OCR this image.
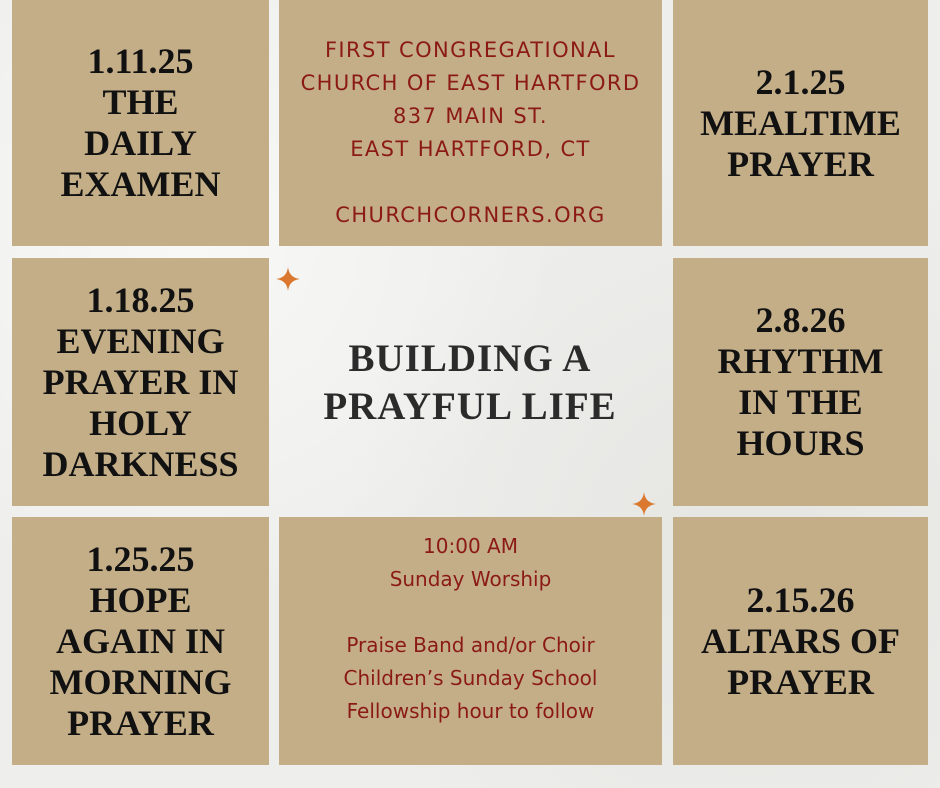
1.11.25
THE
DAILY
EXAMEN
FIRST CONGREGATIONAL
CHURCH OF EAST HARTFORD
837 MAIN ST.
EAST HARTFORD, CT
CHURCHCORNERS.ORG
2.1.25
MEALTIME
PRAYER
1.18.25
EVENING
PRAYER IN
HOLY
DARKNESS
BUILDING A
PRAYFUL LIFE
2.8.26
RHYTHM
IN THE
HOURS
1.25.25
HOPE
AGAIN IN
MORNING
PRAYER
10:00 AM
Sunday Worship
Praise Band and/or Choir
Children’s Sunday School
Fellowship hour to follow
2.15.26
ALTARS OF
PRAYER
